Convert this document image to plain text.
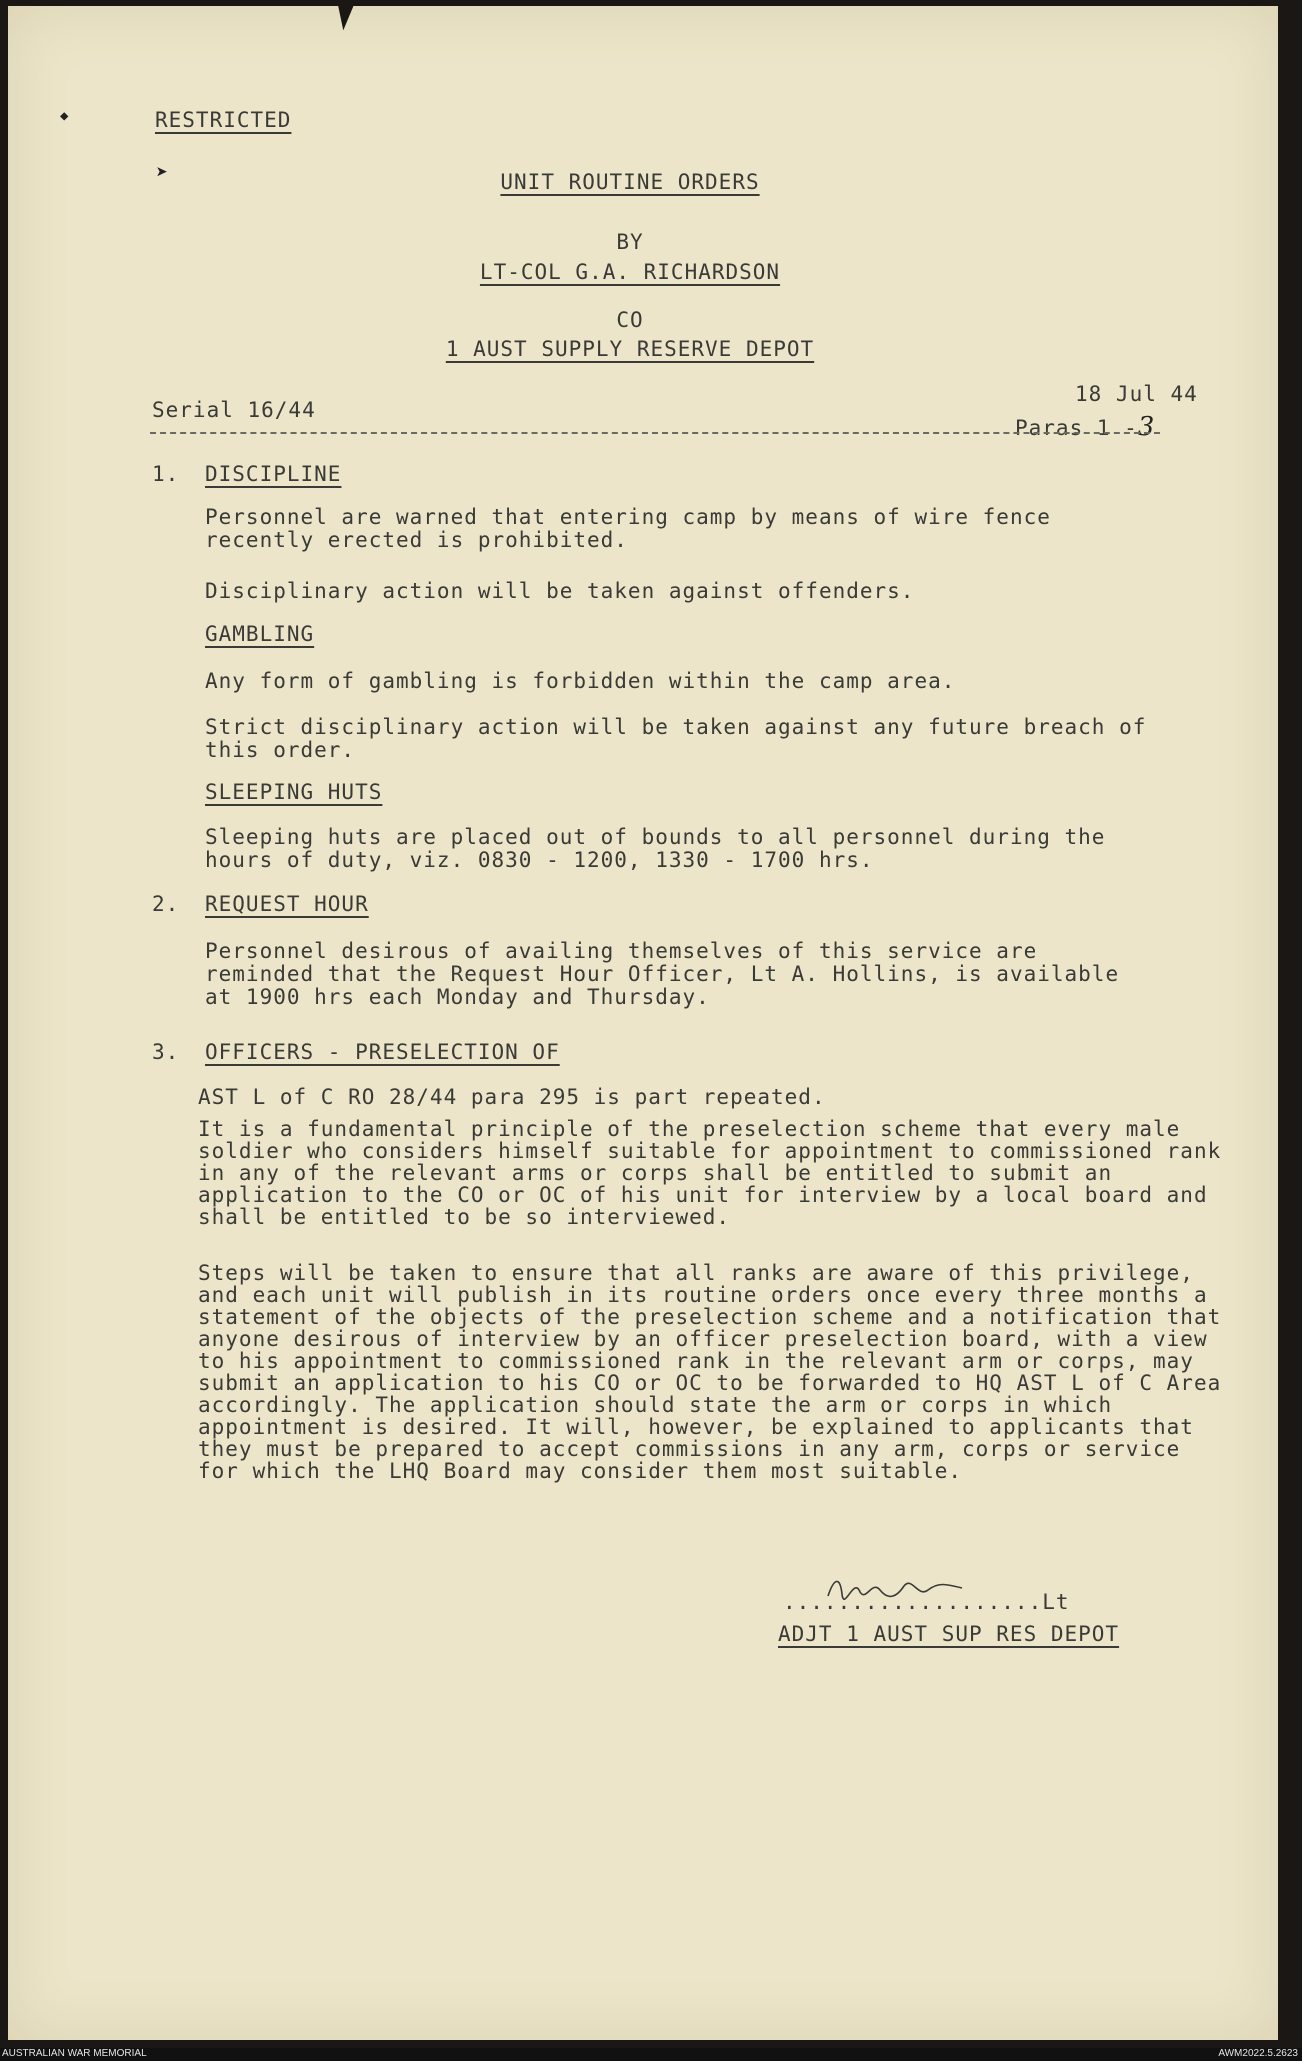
◆
➤
RESTRICTED
UNIT ROUTINE ORDERS
BY
LT-COL G.A. RICHARDSON
CO
1 AUST SUPPLY RESERVE DEPOT
Serial 16/44
18 Jul 44
Paras 1 -3
1. DISCIPLINE
Personnel are warned that entering camp by means of wire fence recently erected is prohibited.
Disciplinary action will be taken against offenders.
GAMBLING
Any form of gambling is forbidden within the camp area.
Strict disciplinary action will be taken against any future breach of this order.
SLEEPING HUTS
Sleeping huts are placed out of bounds to all personnel during the hours of duty, viz. 0830 - 1200, 1330 - 1700 hrs.
2. REQUEST HOUR
Personnel desirous of availing themselves of this service are reminded that the Request Hour Officer, Lt A. Hollins, is available at 1900 hrs each Monday and Thursday.
3. OFFICERS - PRESELECTION OF
AST L of C RO 28/44 para 295 is part repeated.
It is a fundamental principle of the preselection scheme that every male soldier who considers himself suitable for appointment to commissioned rank in any of the relevant arms or corps shall be entitled to submit an application to the CO or OC of his unit for interview by a local board and shall be entitled to be so interviewed.
Steps will be taken to ensure that all ranks are aware of this privilege, and each unit will publish in its routine orders once every three months a statement of the objects of the preselection scheme and a notification that anyone desirous of interview by an officer preselection board, with a view to his appointment to commissioned rank in the relevant arm or corps, may submit an application to his CO or OC to be forwarded to HQ AST L of C Area accordingly. The application should state the arm or corps in which appointment is desired. It will, however, be explained to applicants that they must be prepared to accept commissions in any arm, corps or service for which the LHQ Board may consider them most suitable.
...................Lt
ADJT 1 AUST SUP RES DEPOT
AUSTRALIAN WAR MEMORIAL	AWM2022.5.2623
